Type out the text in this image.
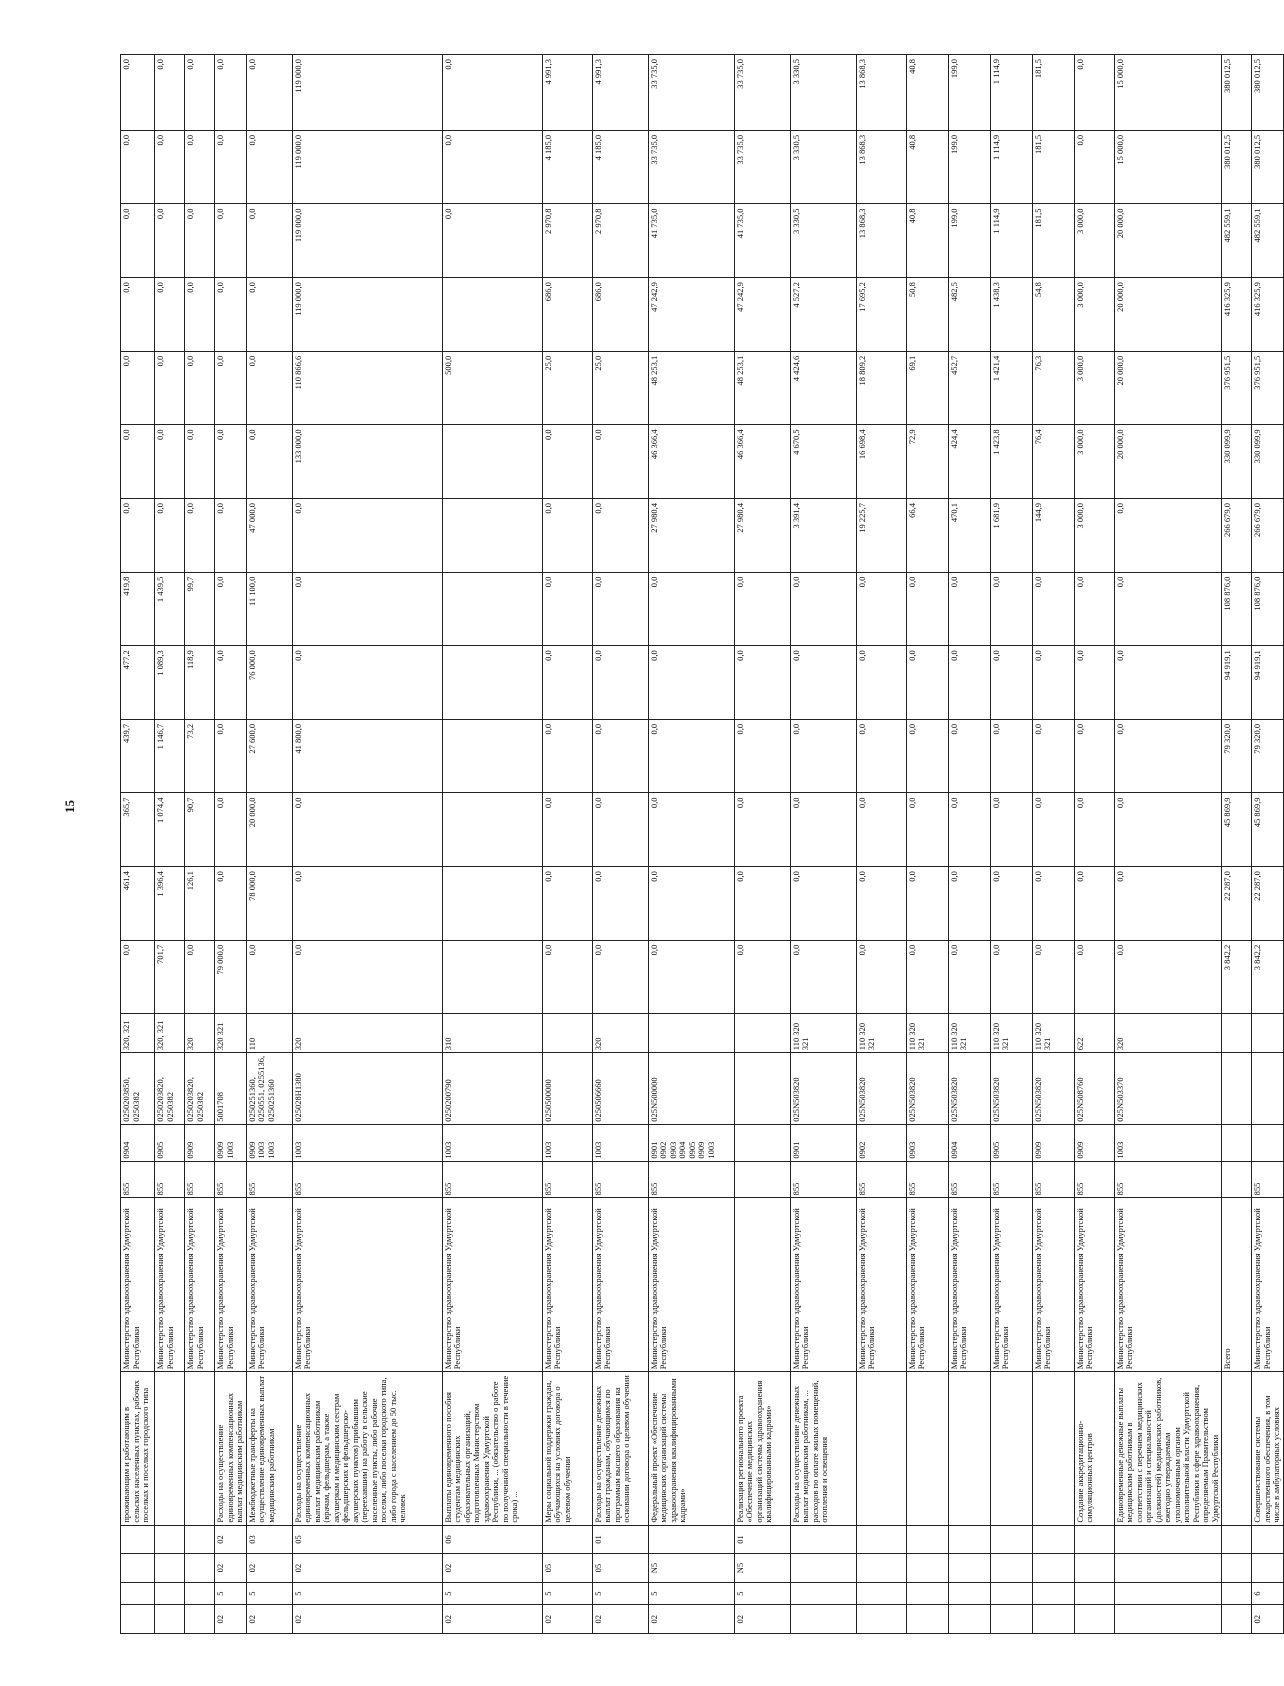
15
				проживающим и работающим в сельских населенных пунктах, рабочих поселках и поселках городского типа	Министерство здравоохранения Удмуртской Республики	855	0904	0250203850, 0250382	320, 321	0,0	461,4	365,7	439,7	477,2	419,8	0,0	0,0	0,0	0,0	0,0	0,0	0,0
					Министерство здравоохранения Удмуртской Республики	855	0905	0250203820, 0250382	320, 321	701,7	1 396,4	1 074,4	1 146,7	1 089,3	1 439,5	0,0	0,0	0,0	0,0	0,0	0,0	0,0
					Министерство здравоохранения Удмуртской Республики	855	0909	0250203820, 0250382	320	0,0	126,1	90,7	73,2	118,9	99,7	0,0	0,0	0,0	0,0	0,0	0,0	0,0
02	5	02	02	Расходы на осуществление единовременных компенсационных выплат медицинским работникам	Министерство здравоохранения Удмуртской Республики	855	0909 1003	5001708	320 321	79 000,0	0,0	0,0	0,0	0,0	0,0	0,0	0,0	0,0	0,0	0,0	0,0	0,0
02	5	02	03	Межбюджетные трансферты на осуществление единовременных выплат медицинским работникам	Министерство здравоохранения Удмуртской Республики	855	0909 1003 1003	0250251360, 0250551, 0255136, 0250251360	110	0,0	78 000,0	20 000,0	27 600,0	76 000,0	11 100,0	47 000,0	0,0	0,0	0,0	0,0	0,0	0,0
02	5	02	05	Расходы на осуществление единовременных компенсационных выплат медицинским работникам (врачам, фельдшерам, а также акушеркам и медицинским сестрам фельдшерских и фельдшерско-акушерских пунктов) прибывшим (переехавшим) на работу в сельские населенные пункты, либо рабочие поселки, либо поселки городского типа, либо города с населением до 50 тыс. человек	Министерство здравоохранения Удмуртской Республики	855	1003	025028Н1380	320	0,0	0,0	0,0	41 800,0	0,0	0,0	0,0	133 000,0	110 866,6	119 000,0	119 000,0	119 000,0	119 000,0
02	5	02	06	Выплаты единовременного пособия студентам медицинских образовательных организаций, подготовленных Министерством здравоохранения Удмуртской Республики, ... (обязательство о работе по полученной специальности в течение срока) ...	Министерство здравоохранения Удмуртской Республики	855	1003	0250200790	310									500,0		0,0	0,0	0,0
02	5	05		Меры социальной поддержки граждан, обучающихся на условиях договора о целевом обучении	Министерство здравоохранения Удмуртской Республики	855	1003	0250500000		0,0	0,0	0,0	0,0	0,0	0,0	0,0	0,0	25,0	686,0	2 970,8	4 185,0	4 991,3
02	5	05	01	Расходы на осуществление денежных выплат гражданам, обучающимся по программам высшего образования на основании договора о целевом обучении	Министерство здравоохранения Удмуртской Республики	855	1003	0250506660	320	0,0	0,0	0,0	0,0	0,0	0,0	0,0	0,0	25,0	686,0	2 970,8	4 185,0	4 991,3
02	5	N5		Федеральный проект «Обеспечение медицинских организаций системы здравоохранения квалифицированными кадрами»	Министерство здравоохранения Удмуртской Республики	855	0901 0902 0903 0904 0905 0909 1003	025N500000		0,0	0,0	0,0	0,0	0,0	0,0	27 980,4	46 366,4	48 253,1	47 242,9	41 735,0	33 735,0	33 735,0
02	5	N5	01	Реализация регионального проекта «Обеспечение медицинских организаций системы здравоохранения квалифицированными кадрами»						0,0	0,0	0,0	0,0	0,0	0,0	27 980,4	46 366,4	48 253,1	47 242,9	41 735,0	33 735,0	33 735,0
				Расходы на осуществление денежных выплат медицинским работникам, ... расходов по оплате жилых помещений, отопления и освещения	Министерство здравоохранения Удмуртской Республики	855	0901	025N503820	110 320 321	0,0	0,0	0,0	0,0	0,0	0,0	3 391,4	4 670,5	4 424,6	4 527,2	3 330,5	3 330,5	3 330,5
					Министерство здравоохранения Удмуртской Республики	855	0902	025N503820	110 320 321	0,0	0,0	0,0	0,0	0,0	0,0	19 225,7	16 698,4	18 809,2	17 695,2	13 868,3	13 868,3	13 868,3
					Министерство здравоохранения Удмуртской Республики	855	0903	025N503820	110 320 321	0,0	0,0	0,0	0,0	0,0	0,0	66,4	72,9	69,1	50,8	40,8	40,8	40,8
					Министерство здравоохранения Удмуртской Республики	855	0904	025N503820	110 320 321	0,0	0,0	0,0	0,0	0,0	0,0	470,1	424,4	452,7	482,5	199,0	199,0	199,0
					Министерство здравоохранения Удмуртской Республики	855	0905	025N503820	110 320 321	0,0	0,0	0,0	0,0	0,0	0,0	1 681,9	1 423,8	1 421,4	1 438,3	1 114,9	1 114,9	1 114,9
					Министерство здравоохранения Удмуртской Республики	855	0909	025N503820	110 320 321	0,0	0,0	0,0	0,0	0,0	0,0	144,9	76,4	76,3	54,8	181,5	181,5	181,5
				Создание аккредитационно-симуляционных центров	Министерство здравоохранения Удмуртской Республики	855	0909	025N508760	622	0,0	0,0	0,0	0,0	0,0	0,0	3 000,0	3 000,0	3 000,0	3 000,0	3 000,0	0,0	0,0
				Единовременные денежные выплаты медицинским работникам в соответствии с перечнем медицинских организаций и специальностей (должностей) медицинских работников, ежегодно утверждаемым уполномоченным органом исполнительной власти Удмуртской Республики в сфере здравоохранения, определяемым Правительством Удмуртской Республики	Министерство здравоохранения Удмуртской Республики	855	1003	025N503370	320	0,0	0,0	0,0	0,0	0,0	0,0	0,0	20 000,0	20 000,0	20 000,0	20 000,0	15 000,0	15 000,0
					Всего					3 842,2	22 287,0	45 869,9	79 320,0	94 919,1	108 876,0	266 679,0	330 099,9	376 951,5	416 325,9	482 559,1	380 012,5	380 012,5
02	6			Совершенствование системы лекарственного обеспечения, в том числе в амбулаторных условиях	Министерство здравоохранения Удмуртской Республики	855				3 842,2	22 287,0	45 869,9	79 320,0	94 919,1	108 876,0	266 679,0	330 099,9	376 951,5	416 325,9	482 559,1	380 012,5	380 012,5
